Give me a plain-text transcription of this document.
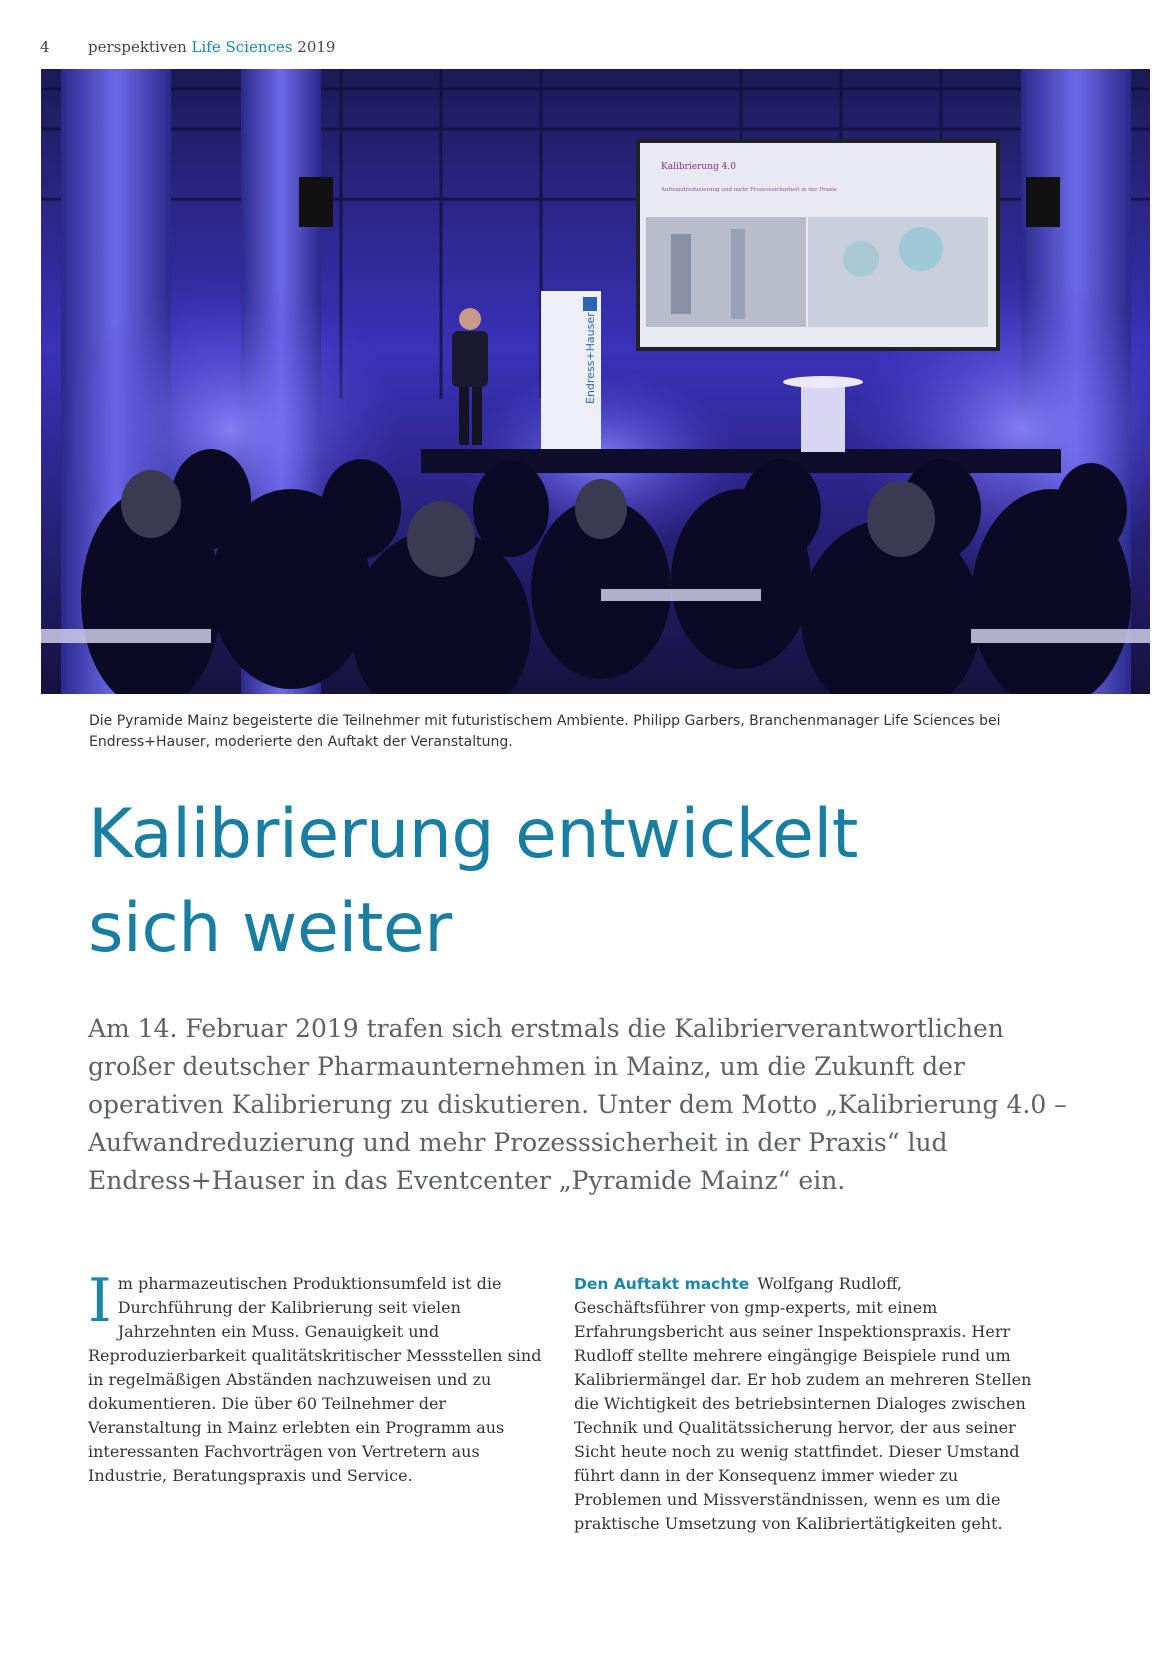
4	perspektiven Life Sciences 2019
Kalibrierung 4.0
Aufwandreduzierung und mehr Prozesssicherheit in der Praxis
Endress+Hauser
Die Pyramide Mainz begeisterte die Teilnehmer mit futuristischem Ambiente. Philipp Garbers, Branchenmanager Life Sciences bei Endress+Hauser, moderierte den Auftakt der Veranstaltung.
Kalibrierung entwickelt
sich weiter

Am 14. Februar 2019 trafen sich erstmals die Kalibrierverantwortlichen großer deutscher Pharmaunternehmen in Mainz, um die Zukunft der operativen Kalibrierung zu diskutieren. Unter dem Motto „Kalibrierung 4.0 – Aufwandreduzierung und mehr Prozesssicherheit in der Praxis“ lud Endress+Hauser in das Eventcenter „Pyramide Mainz“ ein.

Im pharmazeutischen Produktionsumfeld ist die Durchführung der Kalibrierung seit vielen Jahrzehnten ein Muss. Genauigkeit und Reproduzierbarkeit qualitätskritischer Messstellen sind in regelmäßigen Abständen nachzuweisen und zu dokumentieren. Die über 60 Teilnehmer der Veranstaltung in Mainz erlebten ein Programm aus interessanten Fachvorträgen von Vertretern aus Industrie, Beratungspraxis und Service.

Den Auftakt machte Wolfgang Rudloff, Geschäftsführer von gmp-experts, mit einem Erfahrungsbericht aus seiner Inspektionspraxis. Herr Rudloff stellte mehrere eingängige Beispiele rund um Kalibriermängel dar. Er hob zudem an mehreren Stellen die Wichtigkeit des betriebsinternen Dialoges zwischen Technik und Qualitätssicherung hervor, der aus seiner Sicht heute noch zu wenig stattfindet. Dieser Umstand führt dann in der Konsequenz immer wieder zu Problemen und Missverständnissen, wenn es um die praktische Umsetzung von Kalibriertätigkeiten geht.
